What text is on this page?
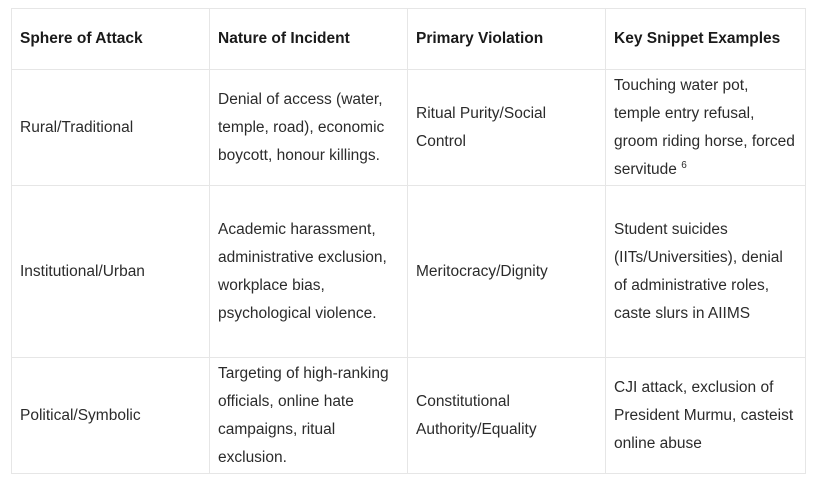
Sphere of Attack	Nature of Incident	Primary Violation	Key Snippet Examples
Rural/Traditional	Denial of access (water, temple, road), economic boycott, honour killings.	Ritual Purity/Social Control	Touching water pot, temple entry refusal, groom riding horse, forced servitude $^6$
Institutional/Urban	Academic harassment, administrative exclusion, workplace bias, psychological violence.	Meritocracy/Dignity	Student suicides (IITs/Universities), denial of administrative roles, caste slurs in AIIMS
Political/Symbolic	Targeting of high-ranking officials, online hate campaigns, ritual exclusion.	Constitutional Authority/Equality	CJI attack, exclusion of President Murmu, casteist online abuse
